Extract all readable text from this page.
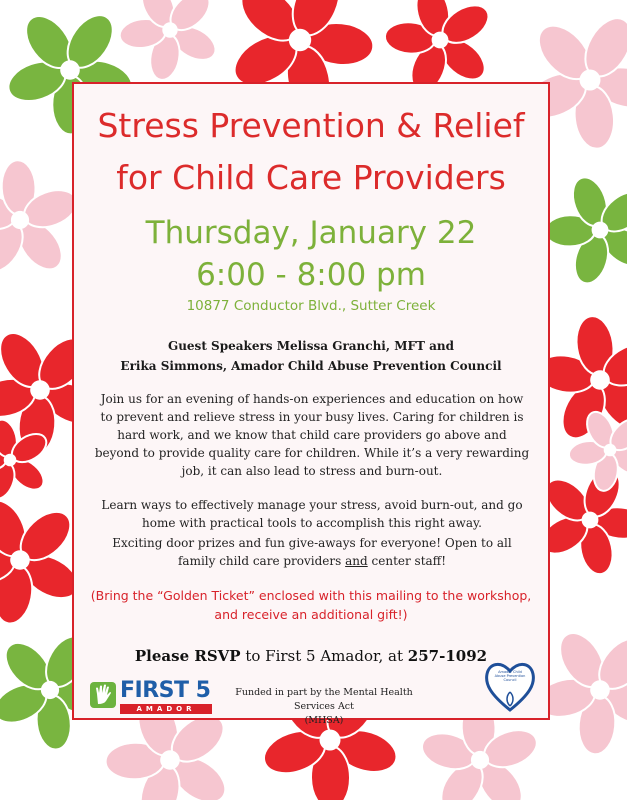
Stress Prevention & Relief
for Child Care Providers
Thursday, January 22
6:00 - 8:00 pm
10877 Conductor Blvd., Sutter Creek
Guest Speakers Melissa Granchi, MFT and
Erika Simmons, Amador Child Abuse Prevention Council
Join us for an evening of hands-on experiences and education on how to prevent and relieve stress in your busy lives. Caring for children is hard work, and we know that child care providers go above and beyond to provide quality care for children. While it’s a very rewarding job, it can also lead to stress and burn-out.
Learn ways to effectively manage your stress, avoid burn-out, and go home with practical tools to accomplish this right away.
Exciting door prizes and fun give-aways for everyone! Open to all family child care providers and center staff!
(Bring the “Golden Ticket” enclosed with this mailing to the workshop,
and receive an additional gift!)
Please RSVP to First 5 Amador, at 257-1092
FIRST 5
AMADOR
Funded in part by the Mental Health Services Act
(MHSA)
Amador Child Abuse Prevention Council
